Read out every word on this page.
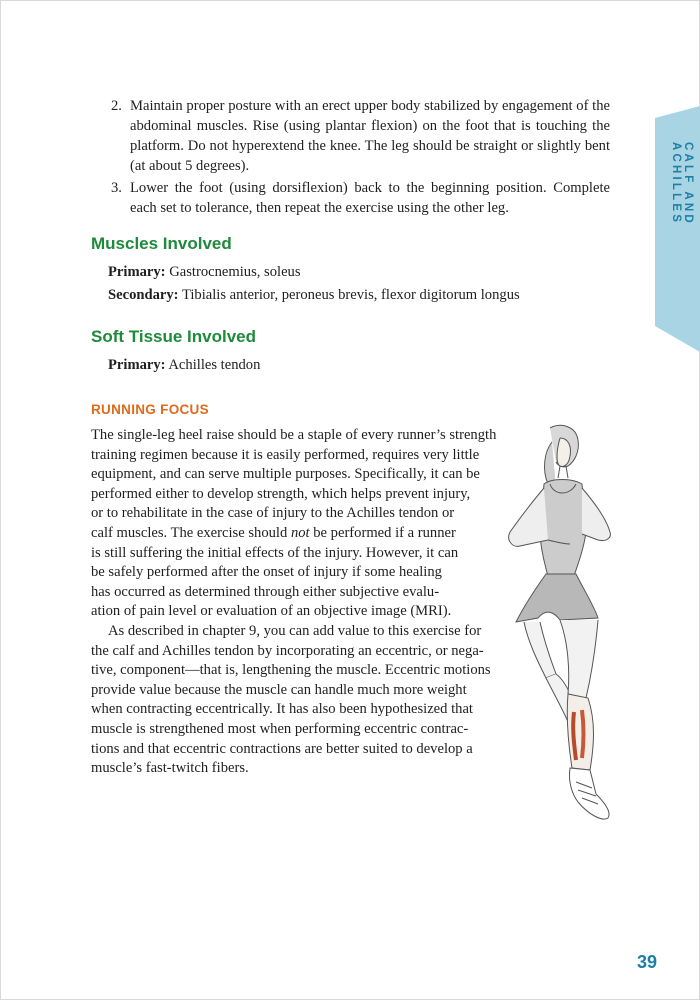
CALF AND ACHILLES
2. Maintain proper posture with an erect upper body stabilized by engagement of the abdominal muscles. Rise (using plantar flexion) on the foot that is touching the platform. Do not hyperextend the knee. The leg should be straight or slightly bent (at about 5 degrees).
3. Lower the foot (using dorsiflexion) back to the beginning position. Complete each set to tolerance, then repeat the exercise using the other leg.
Muscles Involved
Primary: Gastrocnemius, soleus
Secondary: Tibialis anterior, peroneus brevis, flexor digitorum longus
Soft Tissue Involved
Primary: Achilles tendon
RUNNING FOCUS

The single-leg heel raise should be a staple of every runner’s strength
training regimen because it is easily performed, requires very little
equipment, and can serve multiple purposes. Specifically, it can be
performed either to develop strength, which helps prevent injury,
or to rehabilitate in the case of injury to the Achilles tendon or
calf muscles. The exercise should not be performed if a runner
is still suffering the initial effects of the injury. However, it can
be safely performed after the onset of injury if some healing
has occurred as determined through either subjective evalu-
ation of pain level or evaluation of an objective image (MRI).

As described in chapter 9, you can add value to this exercise for
the calf and Achilles tendon by incorporating an eccentric, or nega-
tive, component—that is, lengthening the muscle. Eccentric motions
provide value because the muscle can handle much more weight
when contracting eccentrically. It has also been hypothesized that
muscle is strengthened most when performing eccentric contrac-
tions and that eccentric contractions are better suited to develop a
muscle’s fast-twitch fibers.

39
